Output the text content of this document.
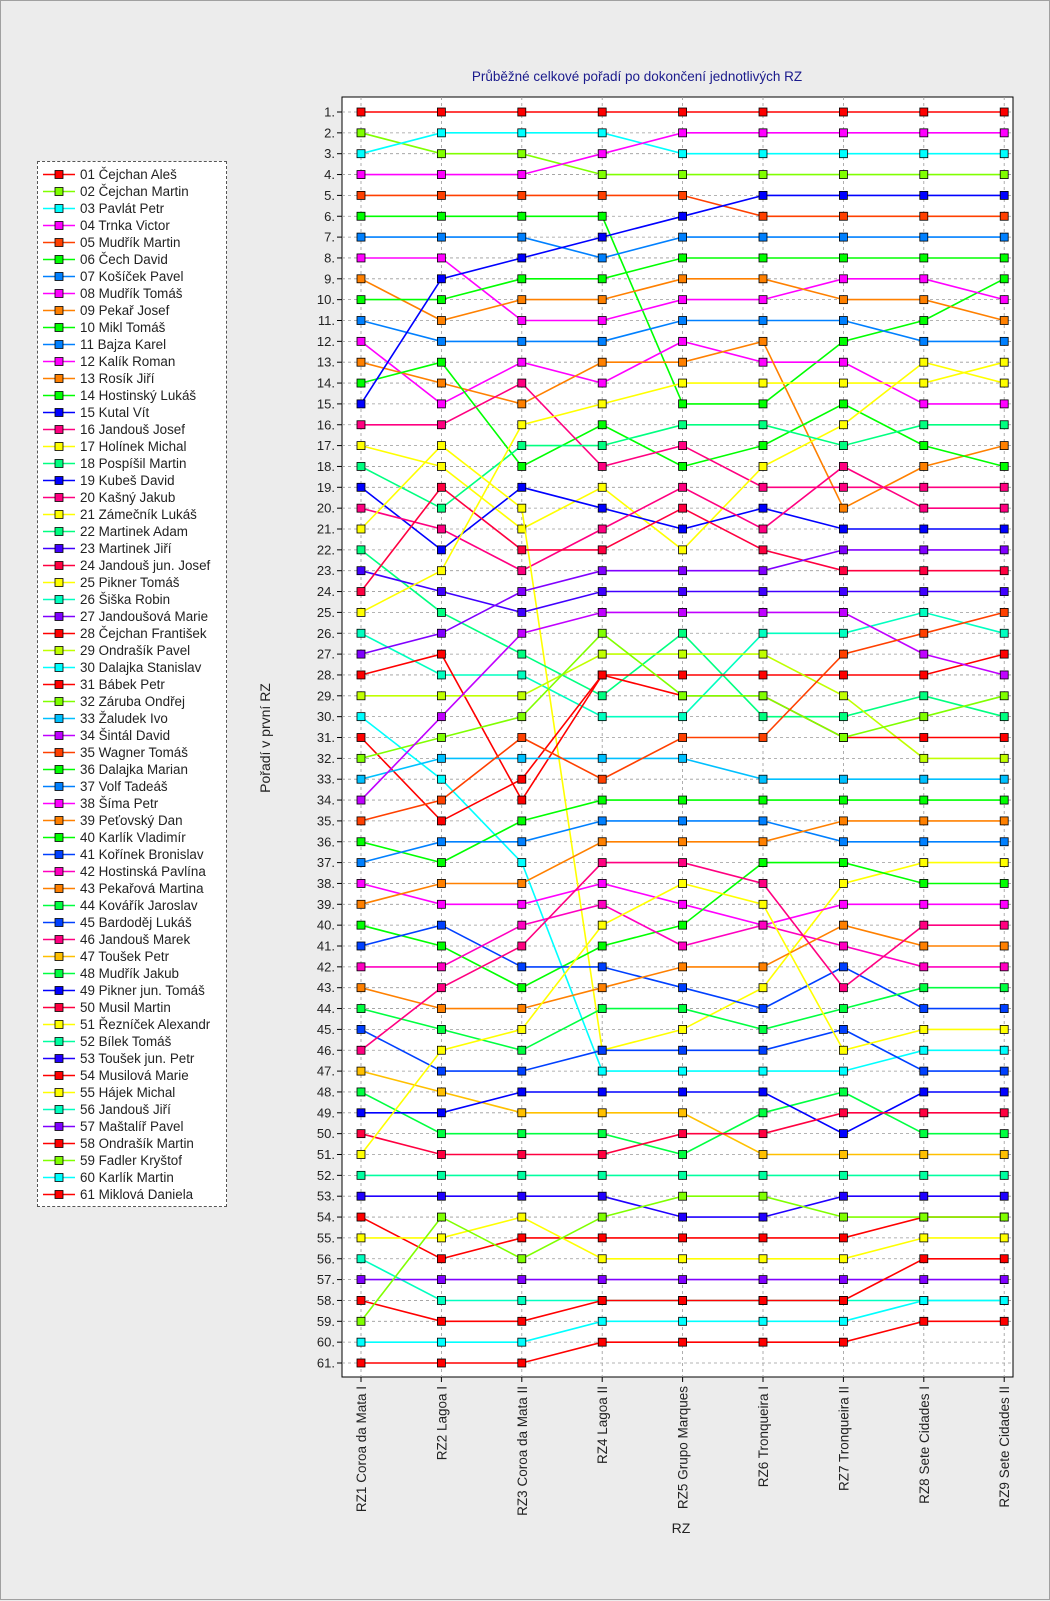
1.
2.
3.
4.
5.
6.
7.
8.
9.
10.
11.
12.
13.
14.
15.
16.
17.
18.
19.
20.
21.
22.
23.
24.
25.
26.
27.
28.
29.
30.
31.
32.
33.
34.
35.
36.
37.
38.
39.
40.
41.
42.
43.
44.
45.
46.
47.
48.
49.
50.
51.
52.
53.
54.
55.
56.
57.
58.
59.
60.
61.
RZ1 Coroa da Mata I	RZ2 Lagoa I	RZ3 Coroa da Mata II	RZ4 Lagoa II	RZ5 Grupo Marques	RZ6 Tronqueira I	RZ7 Tronqueira II	RZ8 Sete Cidades I	RZ9 Sete Cidades II
Průběžné celkové pořadí po dokončení jednotlivých RZ
RZ
Pořadí v první RZ
01 Čejchan Aleš
02 Čejchan Martin
03 Pavlát Petr
04 Trnka Victor
05 Mudřík Martin
06 Čech David
07 Košíček Pavel
08 Mudřík Tomáš
09 Pekař Josef
10 Mikl Tomáš
11 Bajza Karel
12 Kalík Roman
13 Rosík Jiří
14 Hostinský Lukáš
15 Kutal Vít
16 Jandouš Josef
17 Holínek Michal
18 Pospíšil Martin
19 Kubeš David
20 Kašný Jakub
21 Zámečník Lukáš
22 Martinek Adam
23 Martinek Jiří
24 Jandouš jun. Josef
25 Pikner Tomáš
26 Šiška Robin
27 Jandoušová Marie
28 Čejchan František
29 Ondrašík Pavel
30 Dalajka Stanislav
31 Bábek Petr
32 Záruba Ondřej
33 Žaludek Ivo
34 Šintál David
35 Wagner Tomáš
36 Dalajka Marian
37 Volf Tadeáš
38 Šíma Petr
39 Peťovský Dan
40 Karlík Vladimír
41 Kořínek Bronislav
42 Hostinská Pavlína
43 Pekařová Martina
44 Kovářík Jaroslav
45 Bardoděj Lukáš
46 Jandouš Marek
47 Toušek Petr
48 Mudřík Jakub
49 Pikner jun. Tomáš
50 Musil Martin
51 Řezníček Alexandr
52 Bílek Tomáš
53 Toušek jun. Petr
54 Musilová Marie
55 Hájek Michal
56 Jandouš Jiří
57 Maštalíř Pavel
58 Ondrašík Martin
59 Fadler Kryštof
60 Karlík Martin
61 Miklová Daniela
